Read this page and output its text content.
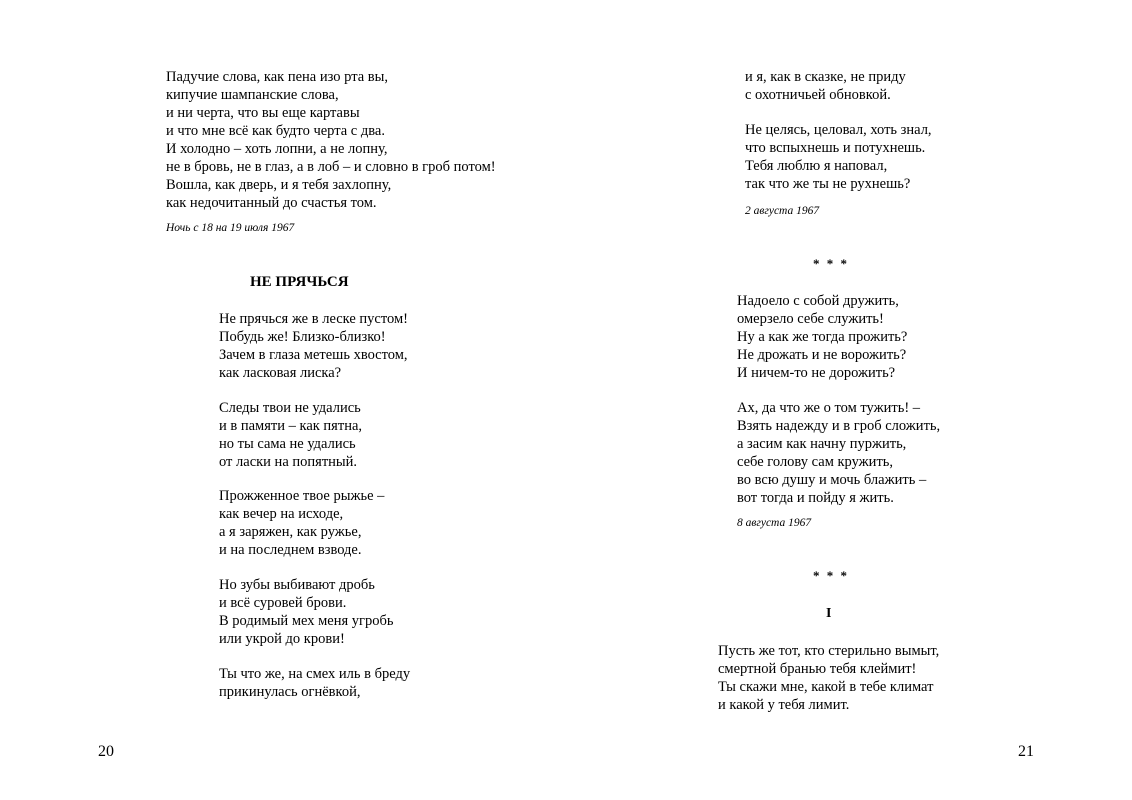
Падучие слова, как пена изо рта вы,
кипучие шампанские слова,
и ни черта, что вы еще картавы
и что мне всё как будто черта с два.
И холодно – хоть лопни, а не лопну,
не в бровь, не в глаз, а в лоб – и словно в гроб потом!
Вошла, как дверь, и я тебя захлопну,
как недочитанный до счастья том.
Ночь с 18 на 19 июля 1967
НЕ ПРЯЧЬСЯ
Не прячься же в леске пустом!
Побудь же! Близко-близко!
Зачем в глаза метешь хвостом,
как ласковая лиска?
Следы твои не удались
и в памяти – как пятна,
но ты сама не удались
от ласки на попятный.
Прожженное твое рыжье –
как вечер на исходе,
а я заряжен, как ружье,
и на последнем взводе.
Но зубы выбивают дробь
и всё суровей брови.
В родимый мех меня угробь
или укрой до крови!
Ты что же, на смех иль в бреду
прикинулась огнёвкой,
20
и я, как в сказке, не приду
с охотничьей обновкой.
Не целясь, целовал, хоть знал,
что вспыхнешь и потухнешь.
Тебя люблю я наповал,
так что же ты не рухнешь?
2 августа 1967
* * *
Надоело с собой дружить,
омерзело себе служить!
Ну а как же тогда прожить?
Не дрожать и не ворожить?
И ничем-то не дорожить?
Ах, да что же о том тужить! –
Взять надежду и в гроб сложить,
а засим как начну пуржить,
себе голову сам кружить,
во всю душу и мочь блажить –
вот тогда и пойду я жить.
8 августа 1967
* * *
I
Пусть же тот, кто стерильно вымыт,
смертной бранью тебя клеймит!
Ты скажи мне, какой в тебе климат
и какой у тебя лимит.
21
